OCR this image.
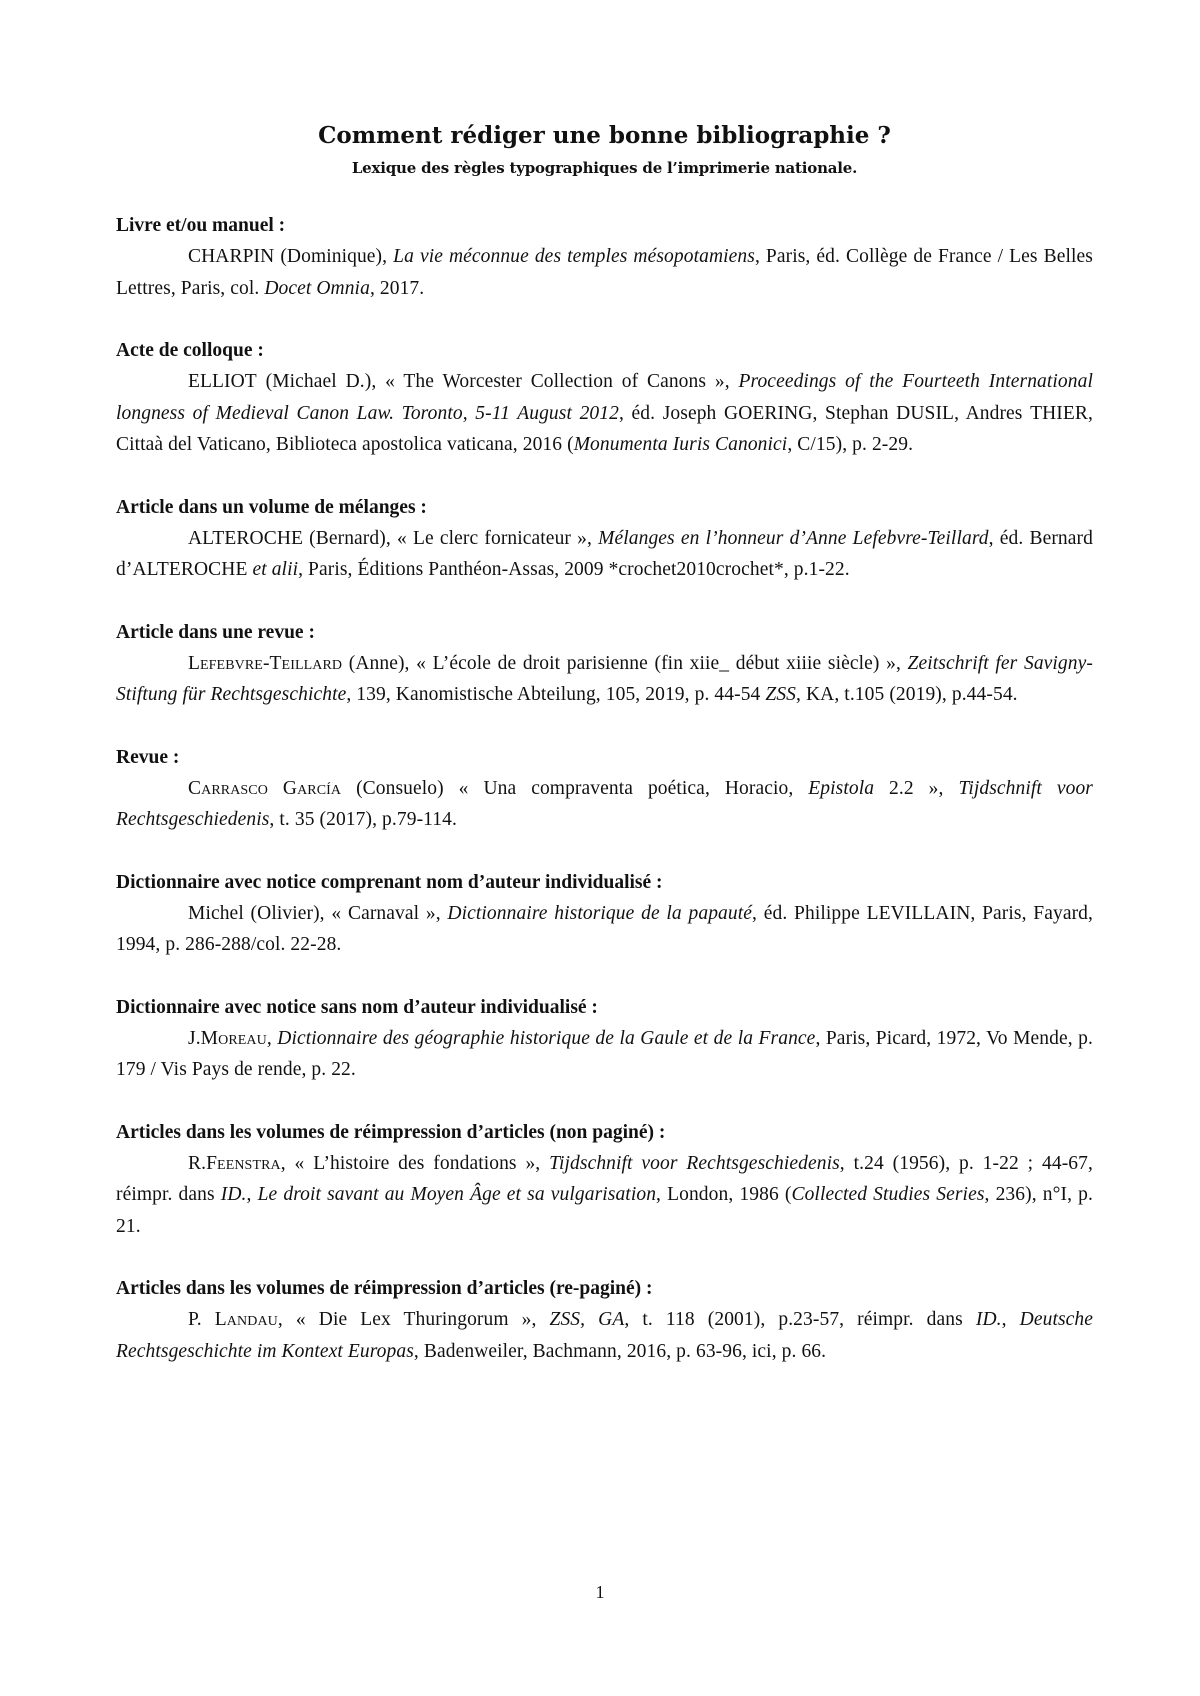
Comment rédiger une bonne bibliographie ?

Lexique des règles typographiques de l’imprimerie nationale.

Livre et/ou manuel :

CHARPIN (Dominique), La vie méconnue des temples mésopotamiens, Paris, éd. Collège de France / Les Belles Lettres, Paris, col. Docet Omnia, 2017.

Acte de colloque :

ELLIOT (Michael D.), « The Worcester Collection of Canons », Proceedings of the Fourteeth International longness of Medieval Canon Law. Toronto, 5-11 August 2012, éd. Joseph GOERING, Stephan DUSIL, Andres THIER, Cittaà del Vaticano, Biblioteca apostolica vaticana, 2016 (Monumenta Iuris Canonici, C/15), p. 2-29.

Article dans un volume de mélanges :

ALTEROCHE (Bernard), « Le clerc fornicateur », Mélanges en l’honneur d’Anne Lefebvre-Teillard, éd. Bernard d’ALTEROCHE et alii, Paris, Éditions Panthéon-Assas, 2009 *crochet2010crochet*, p.1-22.

Article dans une revue :

Lefebvre-Teillard (Anne), « L’école de droit parisienne (fin xiie_ début xiiie siècle) », Zeitschrift fer Savigny-Stiftung für Rechtsgeschichte, 139, Kanomistische Abteilung, 105, 2019, p. 44-54 ZSS, KA, t.105 (2019), p.44-54.

Revue :

Carrasco García (Consuelo) « Una compraventa poética, Horacio, Epistola 2.2 », Tijdschnift voor Rechtsgeschiedenis, t. 35 (2017), p.79-114.

Dictionnaire avec notice comprenant nom d’auteur individualisé :

Michel (Olivier), « Carnaval », Dictionnaire historique de la papauté, éd. Philippe LEVILLAIN, Paris, Fayard, 1994, p. 286-288/col. 22-28.

Dictionnaire avec notice sans nom d’auteur individualisé :

J.Moreau, Dictionnaire des géographie historique de la Gaule et de la France, Paris, Picard, 1972, Vo Mende, p. 179 / Vis Pays de rende, p. 22.

Articles dans les volumes de réimpression d’articles (non paginé) :

R.Feenstra, « L’histoire des fondations », Tijdschnift voor Rechtsgeschiedenis, t.24 (1956), p. 1-22 ; 44-67, réimpr. dans ID., Le droit savant au Moyen Âge et sa vulgarisation, London, 1986 (Collected Studies Series, 236), n°I, p. 21.

Articles dans les volumes de réimpression d’articles (re-paginé) :

P. Landau, « Die Lex Thuringorum », ZSS, GA, t. 118 (2001), p.23-57, réimpr. dans ID., Deutsche Rechtsgeschichte im Kontext Europas, Badenweiler, Bachmann, 2016, p. 63-96, ici, p. 66.

1
